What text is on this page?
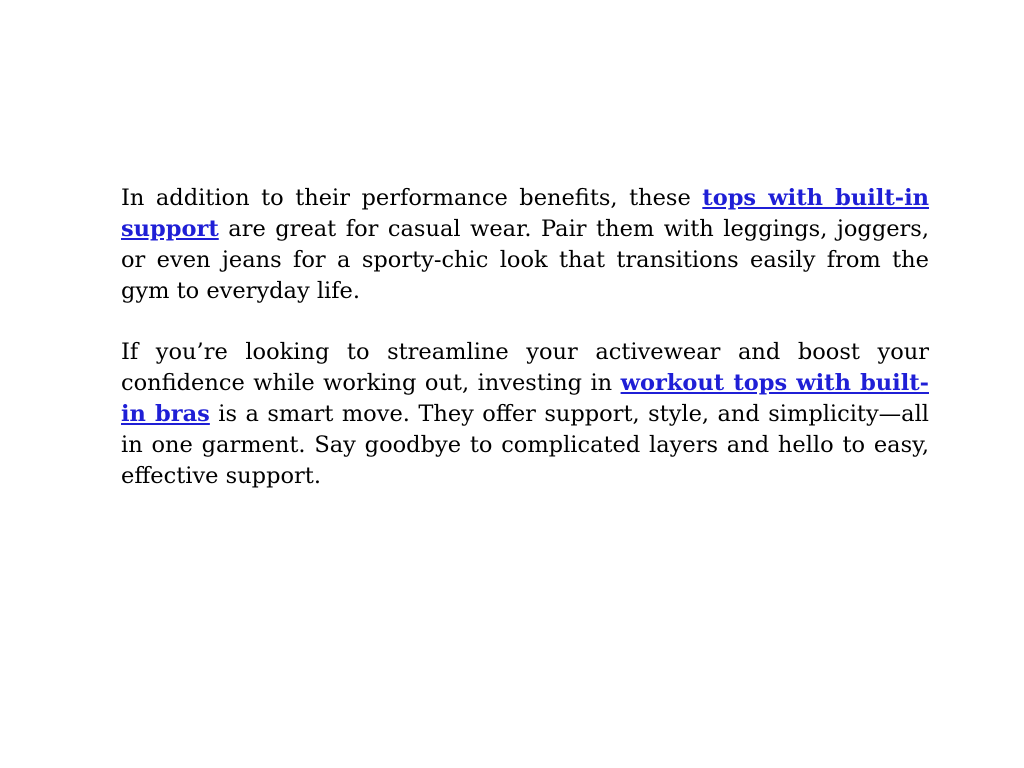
In addition to their performance benefits, these tops with built-in support are great for casual wear. Pair them with leggings, joggers, or even jeans for a sporty-chic look that transitions easily from the gym to everyday life.

If you’re looking to streamline your activewear and boost your confidence while working out, investing in workout tops with built-in bras is a smart move. They offer support, style, and simplicity—all in one garment. Say goodbye to complicated layers and hello to easy, effective support.
